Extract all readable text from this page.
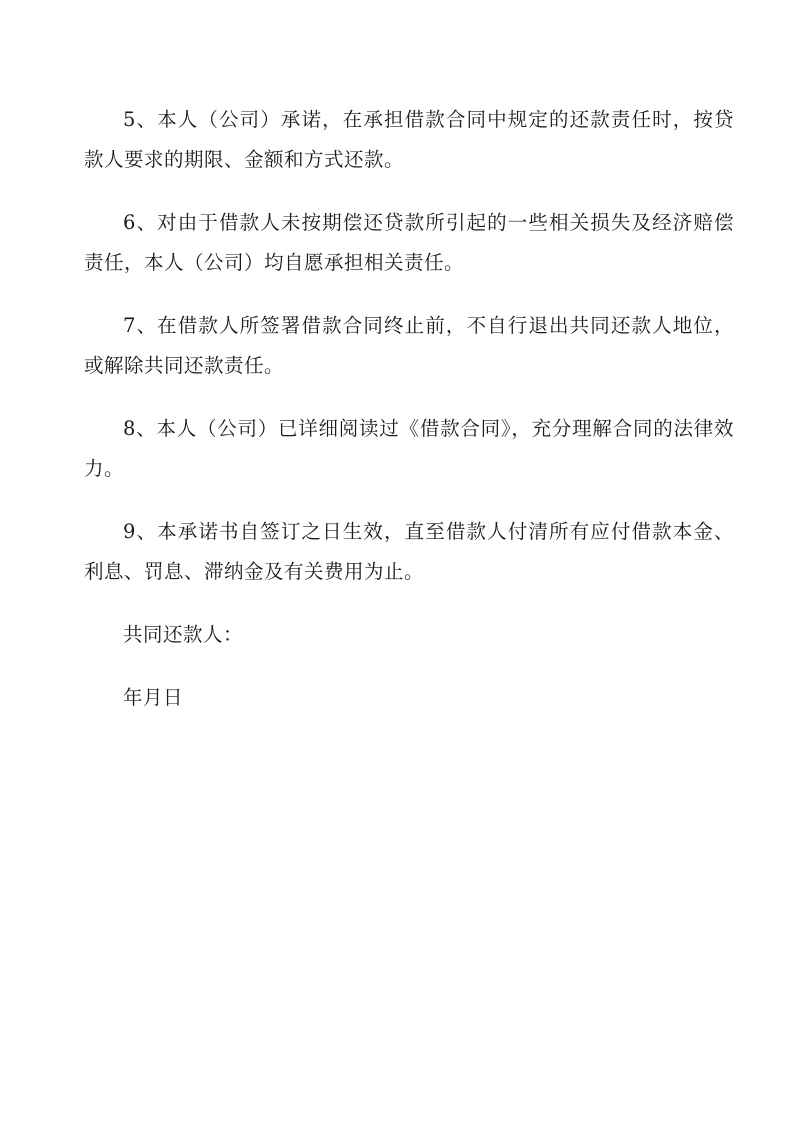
5、本人（公司）承诺，在承担借款合同中规定的还款责任时，按贷款人要求的期限、金额和方式还款。

6、对由于借款人未按期偿还贷款所引起的一些相关损失及经济赔偿责任，本人（公司）均自愿承担相关责任。

7、在借款人所签署借款合同终止前，不自行退出共同还款人地位，或解除共同还款责任。

8、本人（公司）已详细阅读过《借款合同》，充分理解合同的法律效力。

9、本承诺书自签订之日生效，直至借款人付清所有应付借款本金、利息、罚息、滞纳金及有关费用为止。

共同还款人：

年月日
